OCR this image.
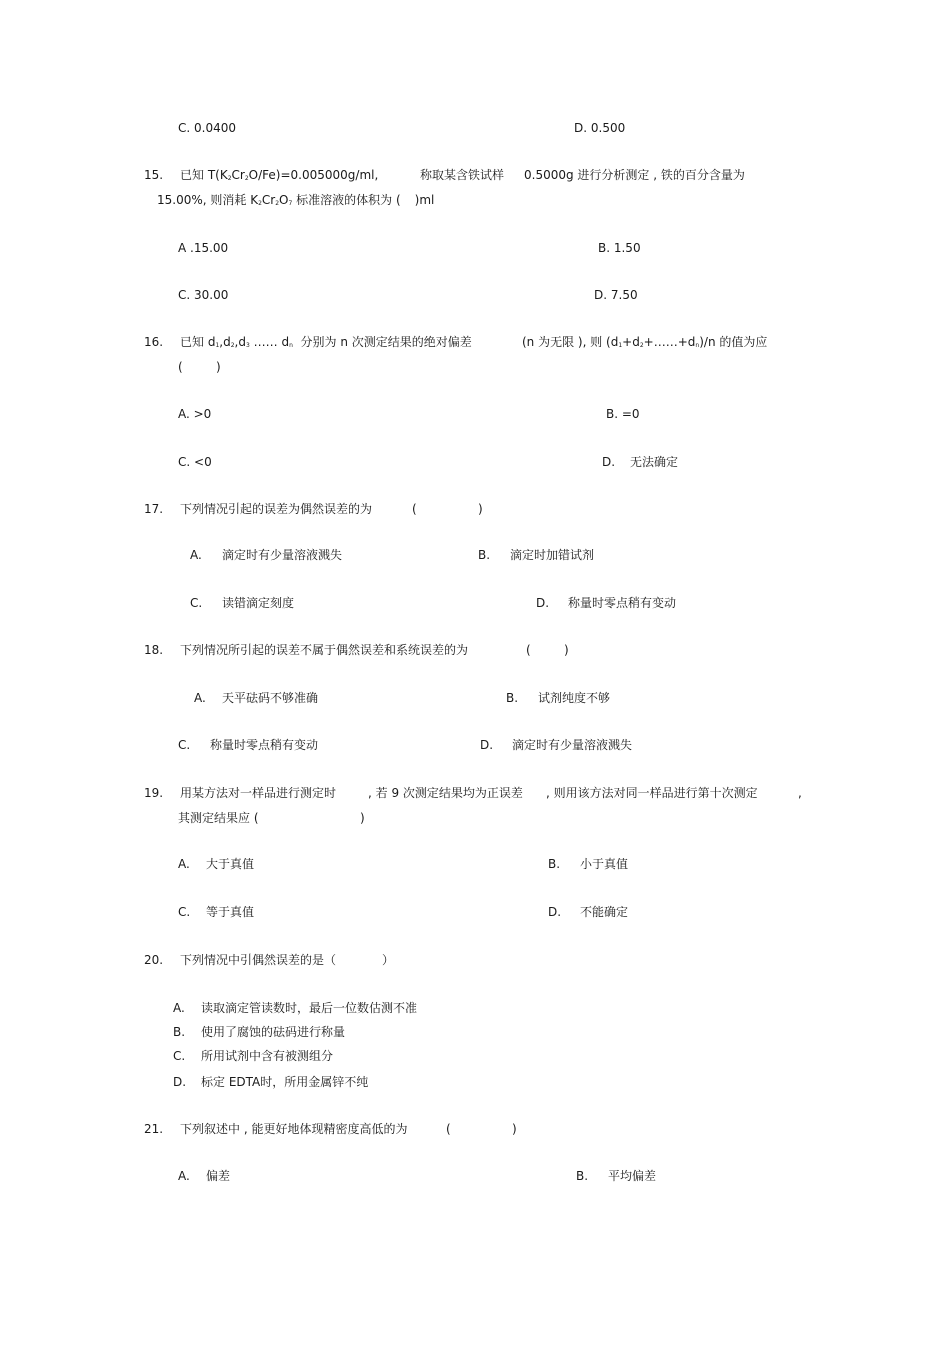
C. 0.0400	D. 0.500
15. 已知 $T(K_2Cr_2O/Fe)=0.005000g/ml$,	称取某含铁试样 0.5000g 进行分析测定 , 铁的百分含量为
15.00%, 则消耗 $K_2Cr_2O_7$ 标准溶液的体积为 ( )ml
A .15.00	B. 1.50
C. 30.00	D. 7.50
16. 已知 $d_1,d_2,d_3$ …… $d_n$ 分别为 n 次测定结果的绝对偏差	(n 为无限 ), 则 $(d_1+d_2+\dots\dots+d_n)/n$ 的值为应
(	)
A. >0	B. =0
C. <0	D. 无法确定
17. 下列情况引起的误差为偶然误差的为	(	)
A. 滴定时有少量溶液溅失	B. 滴定时加错试剂
C. 读错滴定刻度	D. 称量时零点稍有变动
18. 下列情况所引起的误差不属于偶然误差和系统误差的为	(	)
A. 天平砝码不够准确	B. 试剂纯度不够
C. 称量时零点稍有变动	D. 滴定时有少量溶液溅失
19. 用某方法对一样品进行测定时	, 若 9 次测定结果均为正误差 , 则用该方法对同一样品进行第十次测定	,
其测定结果应 (	)
A. 大于真值	B. 小于真值
C. 等于真值	D. 不能确定
20. 下列情况中引偶然误差的是（	）
A. 读取滴定管读数时，最后一位数估测不准
B. 使用了腐蚀的砝码进行称量
C. 所用试剂中含有被测组分
D. 标定 EDTA时，所用金属锌不纯
21. 下列叙述中 , 能更好地体现精密度高低的为	(	)
A. 偏差	B. 平均偏差
